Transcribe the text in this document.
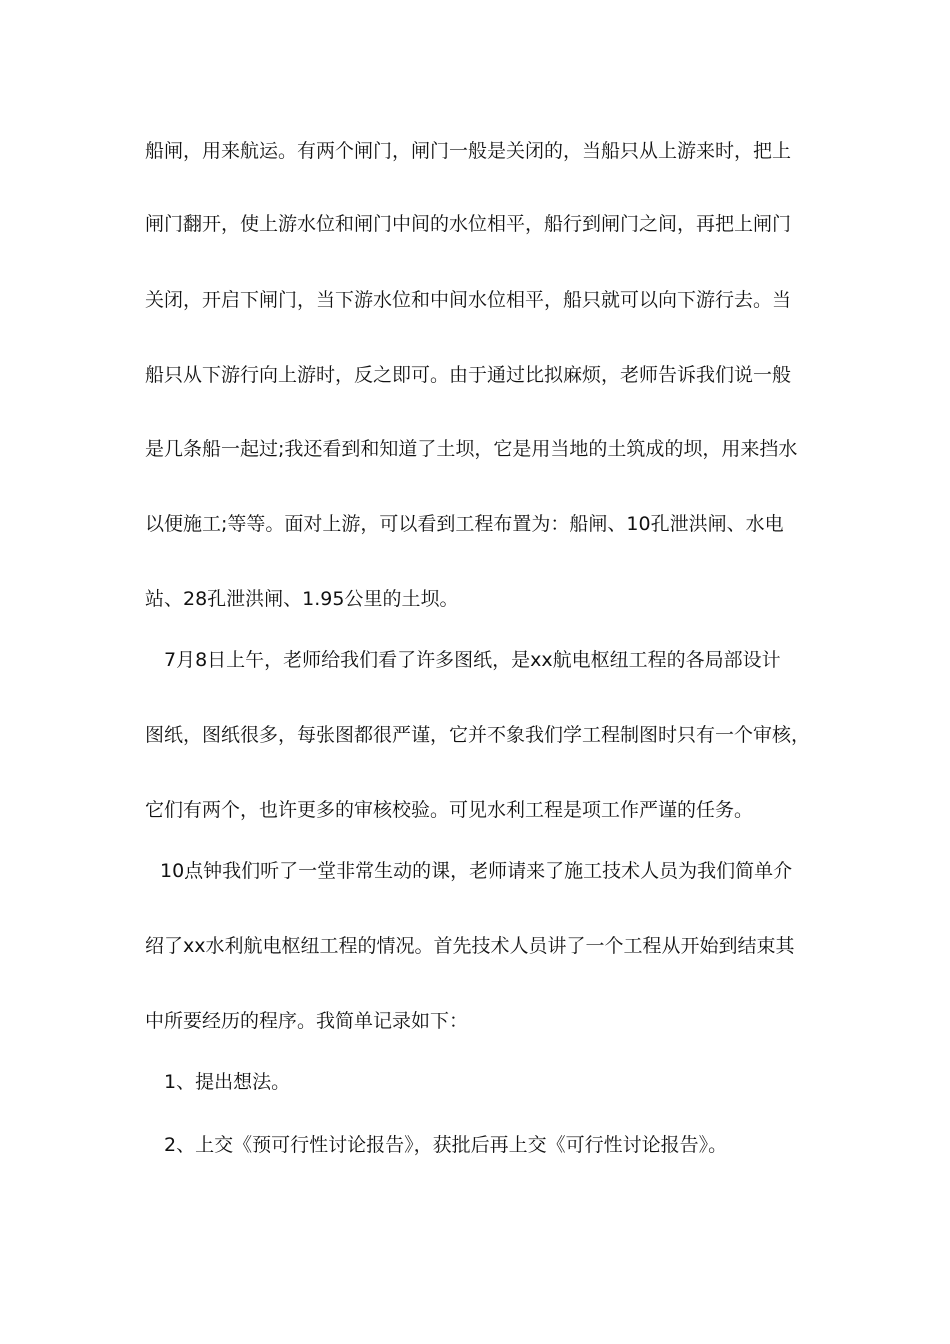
船闸，用来航运。有两个闸门，闸门一般是关闭的，当船只从上游来时，把上
闸门翻开，使上游水位和闸门中间的水位相平，船行到闸门之间，再把上闸门
关闭，开启下闸门，当下游水位和中间水位相平，船只就可以向下游行去。当
船只从下游行向上游时，反之即可。由于通过比拟麻烦，老师告诉我们说一般
是几条船一起过;我还看到和知道了土坝，它是用当地的土筑成的坝，用来挡水
以便施工;等等。面对上游，可以看到工程布置为：船闸、10孔泄洪闸、水电
站、28孔泄洪闸、1.95公里的土坝。
　7月8日上午，老师给我们看了许多图纸，是xx航电枢纽工程的各局部设计
图纸，图纸很多，每张图都很严谨，它并不象我们学工程制图时只有一个审核，
它们有两个，也许更多的审核校验。可见水利工程是项工作严谨的任务。
10点钟我们听了一堂非常生动的课，老师请来了施工技术人员为我们简单介
绍了xx水利航电枢纽工程的情况。首先技术人员讲了一个工程从开始到结束其
中所要经历的程序。我简单记录如下：
　1、提出想法。
　2、上交《预可行性讨论报告》，获批后再上交《可行性讨论报告》。
